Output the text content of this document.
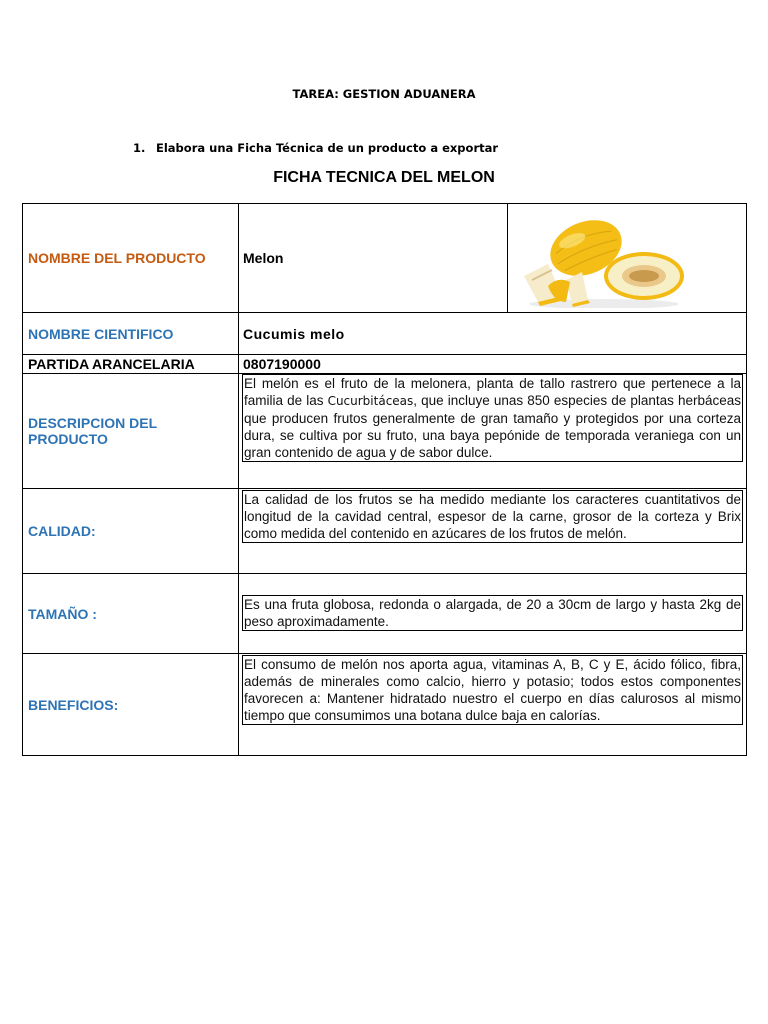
TAREA: GESTION ADUANERA
1. Elabora una Ficha Técnica de un producto a exportar
FICHA TECNICA DEL MELON
NOMBRE DEL PRODUCTO		Melon	

NOMBRE CIENTIFICO	Cucumis melo
PARTIDA ARANCELARIA	0807190000
DESCRIPCION DEL PRODUCTO	
El melón es el fruto de la melonera, planta de tallo rastrero que pertenece a la familia de las Cucurbitáceas, que incluye unas 850 especies de plantas herbáceas que producen frutos generalmente de gran tamaño y protegidos por una corteza dura, se cultiva por su fruto, una baya pepónide de temporada veraniega con un gran contenido de agua y de sabor dulce.

CALIDAD:	
La calidad de los frutos se ha medido mediante los caracteres cuantitativos de longitud de la cavidad central, espesor de la carne, grosor de la corteza y Brix como medida del contenido en azúcares de los frutos de melón.

TAMAÑO :	
Es una fruta globosa, redonda o alargada, de 20 a 30cm de largo y hasta 2kg de peso aproximadamente.

BENEFICIOS:	
El consumo de melón nos aporta agua, vitaminas A, B, C y E, ácido fólico, fibra, además de minerales como calcio, hierro y potasio; todos estos componentes favorecen a: Mantener hidratado nuestro el cuerpo en días calurosos al mismo tiempo que consumimos una botana dulce baja en calorías.
